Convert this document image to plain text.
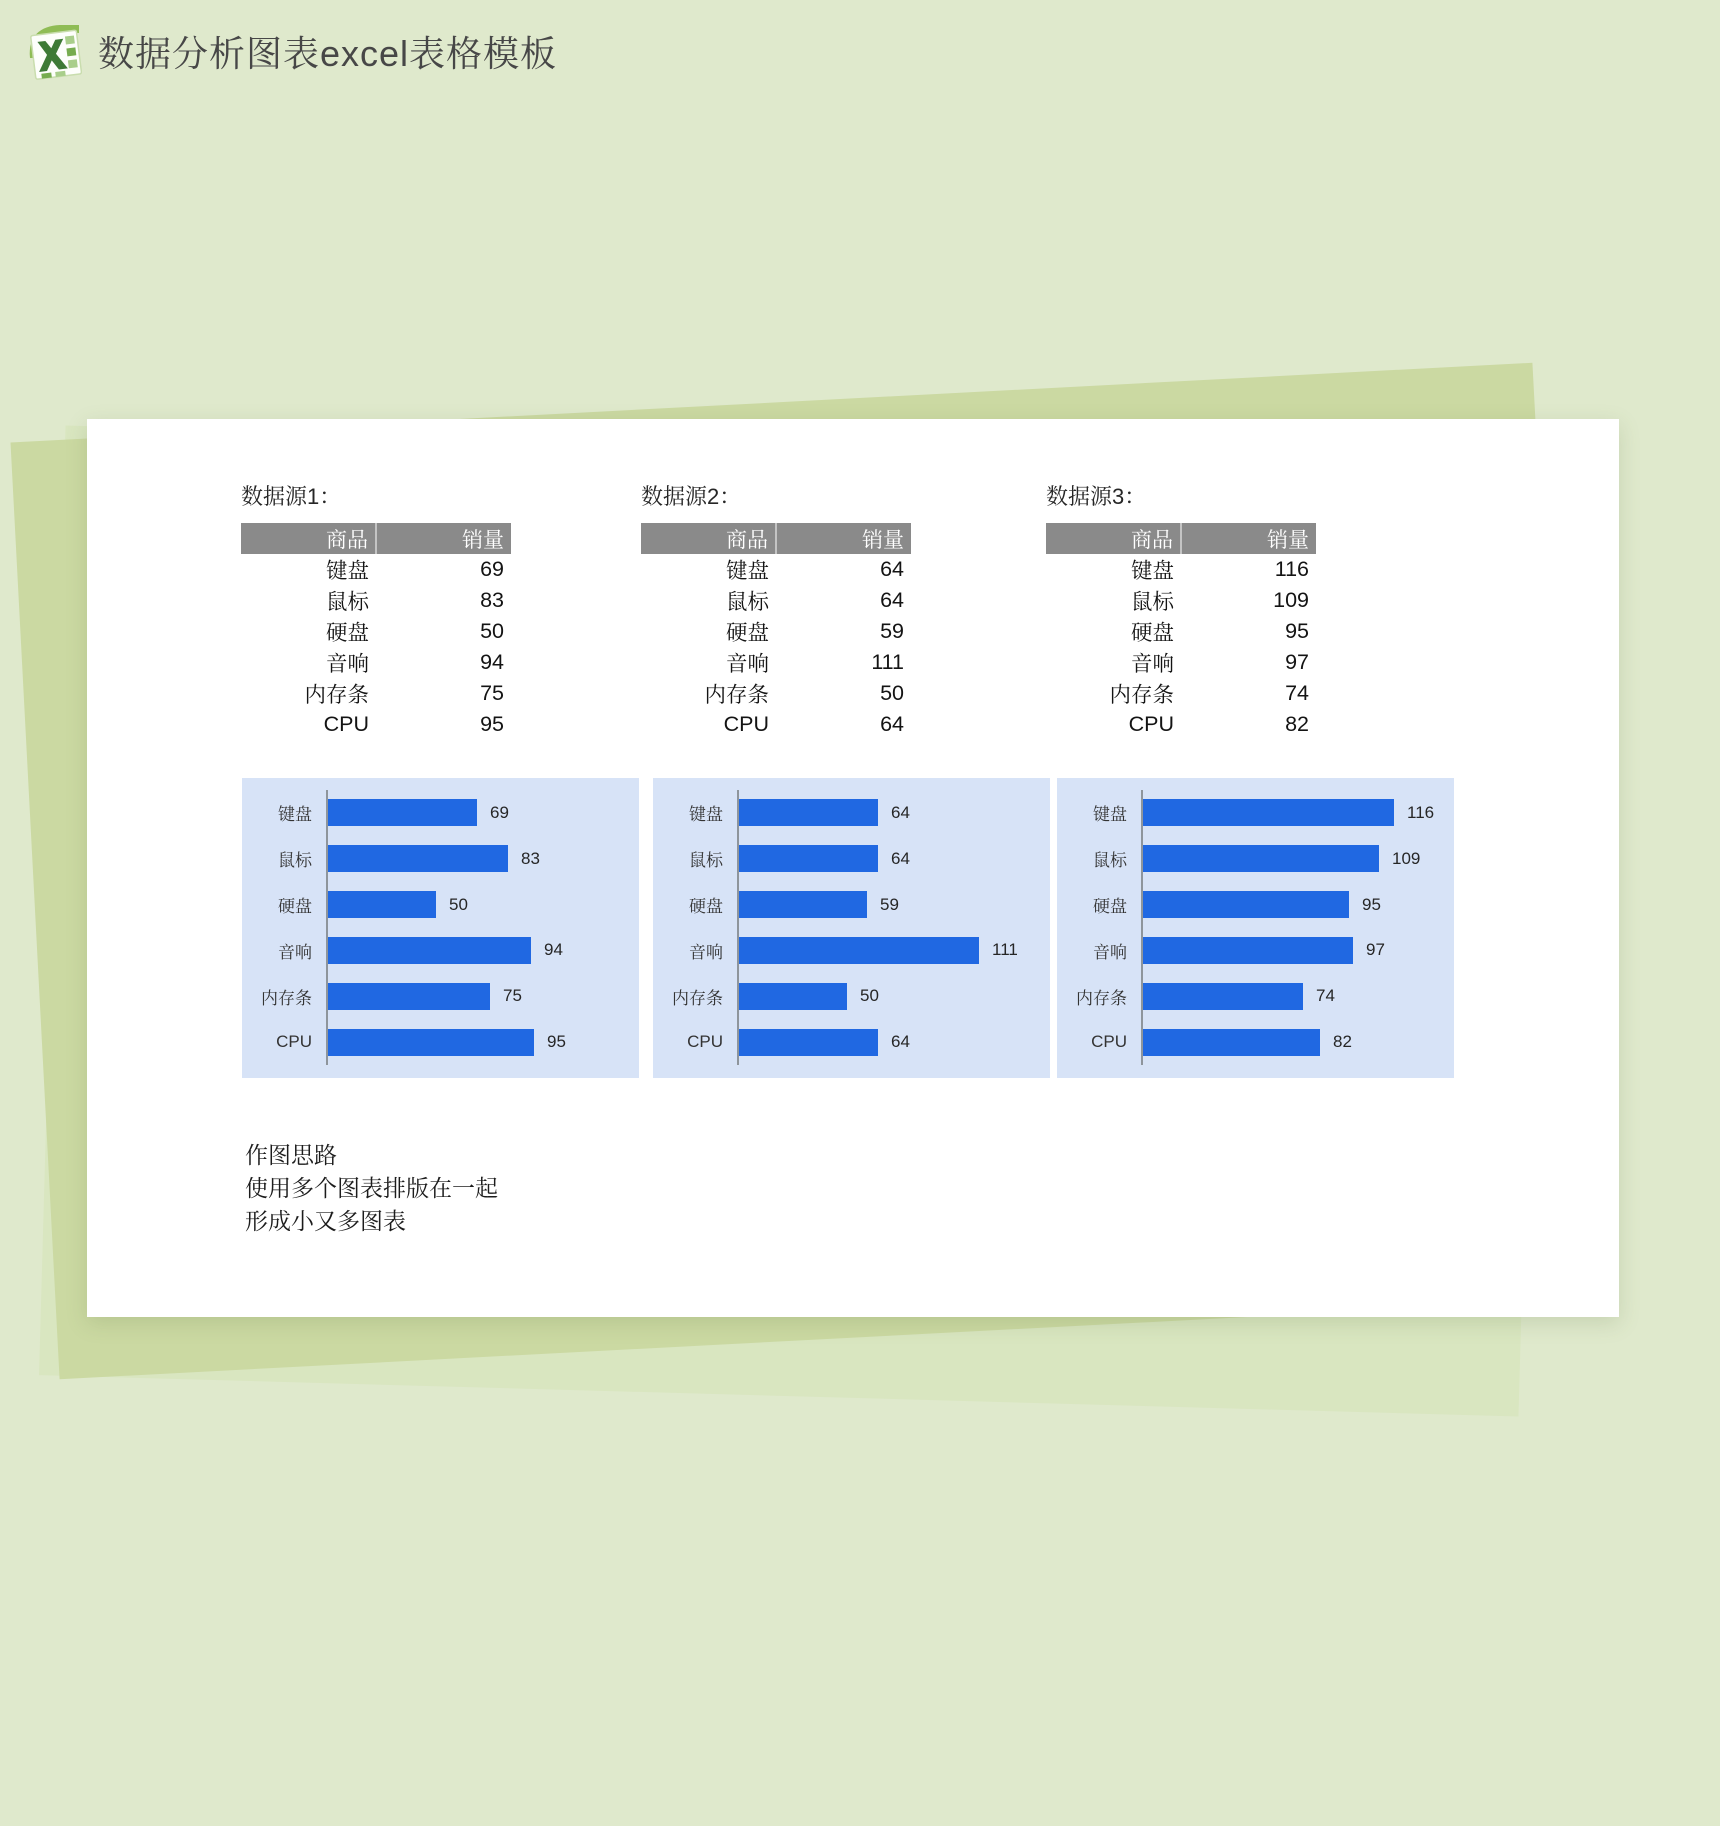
数据分析图表excel表格模板
数据源1：
商品	销量
键盘	69
鼠标	83
硬盘	50
音响	94
内存条	75
CPU	95
数据源2：
商品	销量
键盘	64
鼠标	64
硬盘	59
音响	111
内存条	50
CPU	64
数据源3：
商品	销量
键盘	116
鼠标	109
硬盘	95
音响	97
内存条	74
CPU	82
键盘	69
鼠标	83
硬盘	50
音响	94
内存条	75
CPU	95
键盘	64
鼠标	64
硬盘	59
音响	111
内存条	50
CPU	64
键盘	116
鼠标	109
硬盘	95
音响	97
内存条	74
CPU	82
作图思路
使用多个图表排版在一起
形成小又多图表
